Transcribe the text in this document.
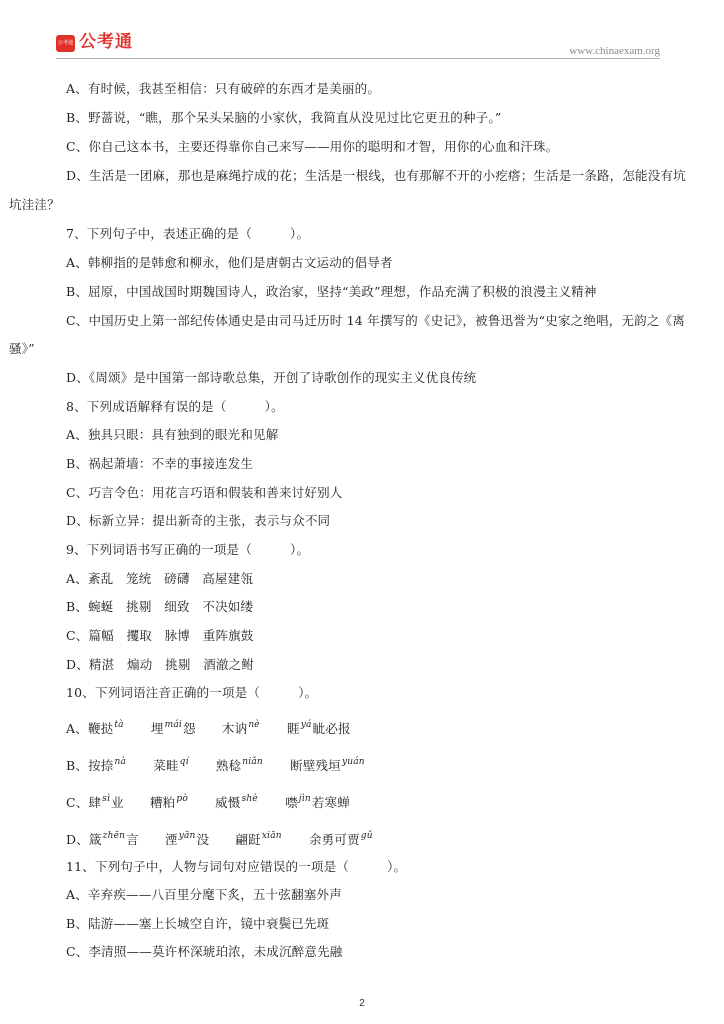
公考通 公考通	www.chinaexam.org
A、有时候，我甚至相信：只有破碎的东西才是美丽的。
B、野蔷说，“瞧，那个呆头呆脑的小家伙，我简直从没见过比它更丑的种子。”
C、你自己这本书，主要还得靠你自己来写——用你的聪明和才智，用你的心血和汗珠。
D、生活是一团麻，那也是麻绳拧成的花；生活是一根线，也有那解不开的小疙瘩；生活是一条路，怎能没有坑
坑洼洼？
7、下列句子中，表述正确的是（　　　）。
A、韩柳指的是韩愈和柳永，他们是唐朝古文运动的倡导者
B、屈原，中国战国时期魏国诗人，政治家，坚持“美政”理想，作品充满了积极的浪漫主义精神
C、中国历史上第一部纪传体通史是由司马迁历时 14 年撰写的《史记》，被鲁迅誉为“史家之绝唱，无韵之《离
骚》”
D、《周颂》是中国第一部诗歌总集，开创了诗歌创作的现实主义优良传统
8、下列成语解释有误的是（　　　）。
A、独具只眼：具有独到的眼光和见解
B、祸起萧墙：不幸的事接连发生
C、巧言令色：用花言巧语和假装和善来讨好别人
D、标新立异：提出新奇的主张，表示与众不同
9、下列词语书写正确的一项是（　　　）。
A、紊乱　笼统　磅礴　高屋建瓴
B、蜿蜒　挑剔　细致　不决如缕
C、篇幅　攫取　脉博　重阵旗鼓
D、精湛　煽动　挑剔　酒澈之鲋
10、下列词语注音正确的一项是（　　　）。
A、鞭挞$^{tà}$ 埋$^{mái}$怨 木讷$^{nè}$ 睚$^{yá}$眦必报
B、按捺$^{nà}$ 菜畦$^{qí}$ 熟稔$^{niǎn}$ 断壁残垣$^{yuán}$
C、肆$^{sì}$业 糟粕$^{pò}$ 威慑$^{shè}$ 噤$^{jìn}$若寒蝉
D、箴$^{zhēn}$言 湮$^{yān}$没 翩跹$^{xiān}$ 余勇可贾$^{gǔ}$
11、下列句子中，人物与词句对应错误的一项是（　　　）。
A、辛弃疾——八百里分麾下炙，五十弦翻塞外声
B、陆游——塞上长城空自许，镜中衰鬓已先斑
C、李清照——莫许杯深琥珀浓，未成沉醉意先融
2
